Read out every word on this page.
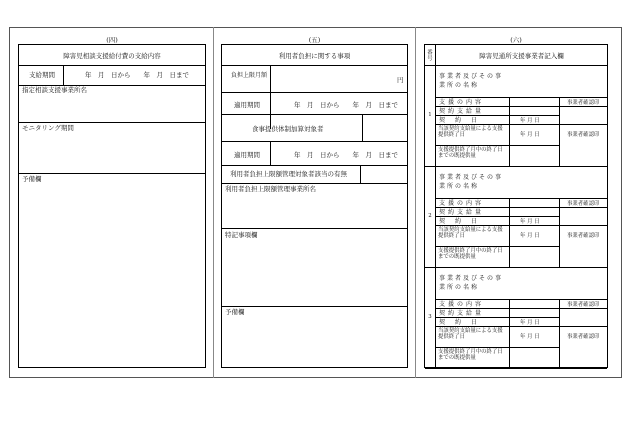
(四)
障害児相談支援給付費の支給内容
支給期間	年　月　日から　　年　月　日まで
指定相談支援事業所名
モニタリング期間
予備欄
(五)
利用者負担に関する事項
負担上限月額
円
適用期間	年　月　日から　　年　月　日まで
食事提供体制加算対象者
適用期間	年　月　日から　　年　月　日まで
利用者負担上限額管理対象者該当の有無
利用者負担上限額管理事業所名
特記事項欄
予備欄
(六)
番号	障害児通所支援事業者記入欄
1
事業者及びその事業所の名称
支援の内容	事業者確認印
契約支給量
契約日	年 月 日
当該契約支給量による支援提供終了日	年 月 日	事業者確認印
支援提供終了月中の終了日までの既提供量
2
事業者及びその事業所の名称
支援の内容	事業者確認印
契約支給量
契約日	年 月 日
当該契約支給量による支援提供終了日	年 月 日	事業者確認印
支援提供終了月中の終了日までの既提供量
3
事業者及びその事業所の名称
支援の内容	事業者確認印
契約支給量
契約日	年 月 日
当該契約支給量による支援提供終了日	年 月 日	事業者確認印
支援提供終了月中の終了日までの既提供量
